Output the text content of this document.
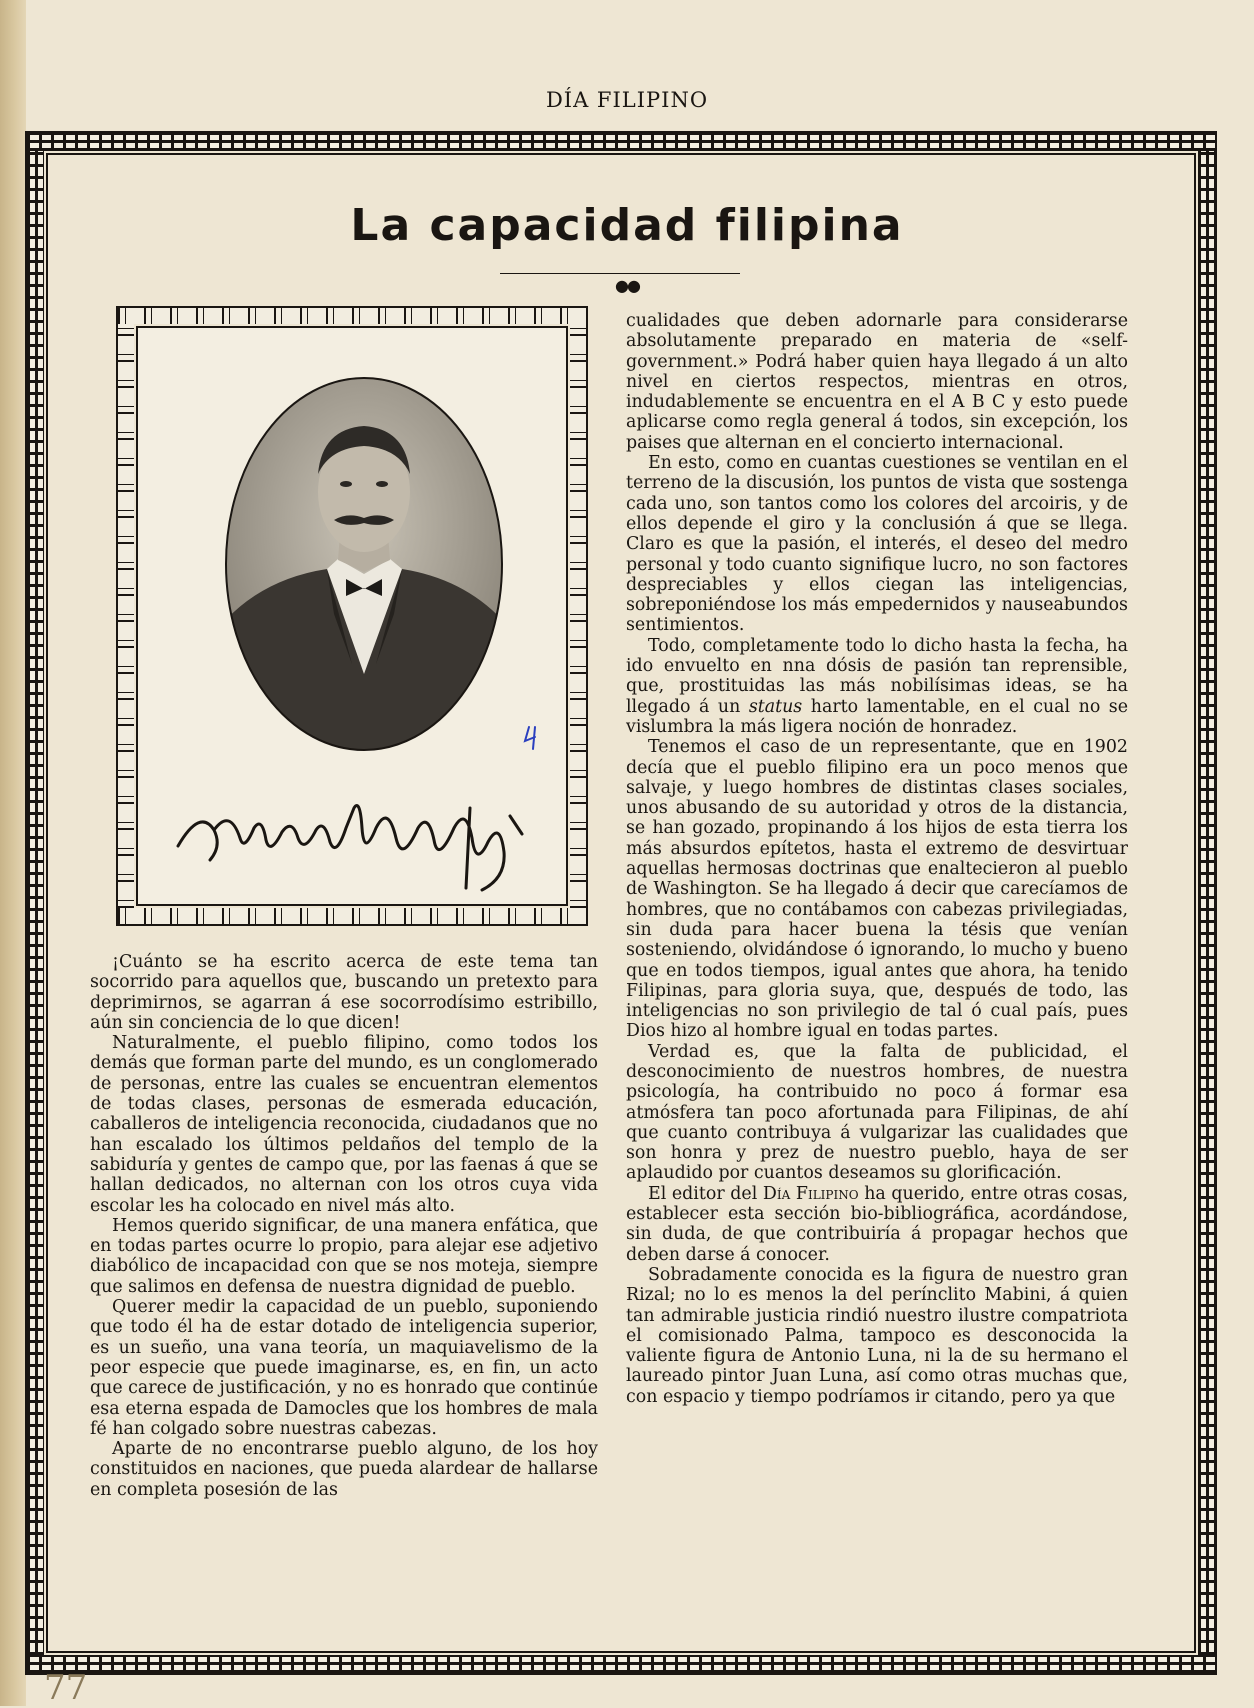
DÍA FILIPINO
La capacidad filipina
●●

¡Cuánto se ha escrito acerca de este tema tan socorrido para aquellos que, buscando un pretexto para deprimirnos, se agarran á ese socorrodísimo estribillo, aún sin conciencia de lo que dicen!

Naturalmente, el pueblo filipino, como todos los demás que forman parte del mundo, es un conglomerado de personas, entre las cuales se encuentran elementos de todas clases, personas de esmerada educación, caballeros de inteligencia reconocida, ciudadanos que no han escalado los últimos peldaños del templo de la sabiduría y gentes de campo que, por las faenas á que se hallan dedicados, no alternan con los otros cuya vida escolar les ha colocado en nivel más alto.

Hemos querido significar, de una manera enfática, que en todas partes ocurre lo propio, para alejar ese adjetivo diabólico de incapacidad con que se nos moteja, siempre que salimos en defensa de nuestra dignidad de pueblo.

Querer medir la capacidad de un pueblo, suponiendo que todo él ha de estar dotado de inteligencia superior, es un sueño, una vana teoría, un maquiavelismo de la peor especie que puede imaginarse, es, en fin, un acto que carece de justificación, y no es honrado que continúe esa eterna espada de Damocles que los hombres de mala fé han colgado sobre nuestras cabezas.

Aparte de no encontrarse pueblo alguno, de los hoy constituidos en naciones, que pueda alardear de hallarse en completa posesión de las

cualidades que deben adornarle para considerarse absolutamente preparado en materia de «self-government.» Podrá haber quien haya llegado á un alto nivel en ciertos respectos, mientras en otros, indudablemente se encuentra en el A B C y esto puede aplicarse como regla general á todos, sin excepción, los paises que alternan en el concierto internacional.

En esto, como en cuantas cuestiones se ventilan en el terreno de la discusión, los puntos de vista que sostenga cada uno, son tantos como los colores del arcoiris, y de ellos depende el giro y la conclusión á que se llega. Claro es que la pasión, el interés, el deseo del medro personal y todo cuanto signifique lucro, no son factores despreciables y ellos ciegan las inteligencias, sobreponiéndose los más empedernidos y nauseabundos sentimientos.

Todo, completamente todo lo dicho hasta la fecha, ha ido envuelto en nna dósis de pasión tan reprensible, que, prostituidas las más nobilísimas ideas, se ha llegado á un status harto lamentable, en el cual no se vislumbra la más ligera noción de honradez.

Tenemos el caso de un representante, que en 1902 decía que el pueblo filipino era un poco menos que salvaje, y luego hombres de distintas clases sociales, unos abusando de su autoridad y otros de la distancia, se han gozado, propinando á los hijos de esta tierra los más absurdos epítetos, hasta el extremo de desvirtuar aquellas hermosas doctrinas que enaltecieron al pueblo de Washington. Se ha llegado á decir que carecíamos de hombres, que no contábamos con cabezas privilegiadas, sin duda para hacer buena la tésis que venían sosteniendo, olvidándose ó ignorando, lo mucho y bueno que en todos tiempos, igual antes que ahora, ha tenido Filipinas, para gloria suya, que, después de todo, las inteligencias no son privilegio de tal ó cual país, pues Dios hizo al hombre igual en todas partes.

Verdad es, que la falta de publicidad, el desconocimiento de nuestros hombres, de nuestra psicología, ha contribuido no poco á formar esa atmósfera tan poco afortunada para Filipinas, de ahí que cuanto contribuya á vulgarizar las cualidades que son honra y prez de nuestro pueblo, haya de ser aplaudido por cuantos deseamos su glorificación.

El editor del Día Filipino ha querido, entre otras cosas, establecer esta sección bio-bibliográfica, acordándose, sin duda, de que contribuiría á propagar hechos que deben darse á conocer.

Sobradamente conocida es la figura de nuestro gran Rizal; no lo es menos la del perínclito Mabini, á quien tan admirable justicia rindió nuestro ilustre compatriota el comisionado Palma, tampoco es desconocida la valiente figura de Antonio Luna, ni la de su hermano el laureado pintor Juan Luna, así como otras muchas que, con espacio y tiempo podríamos ir citando, pero ya que

77
